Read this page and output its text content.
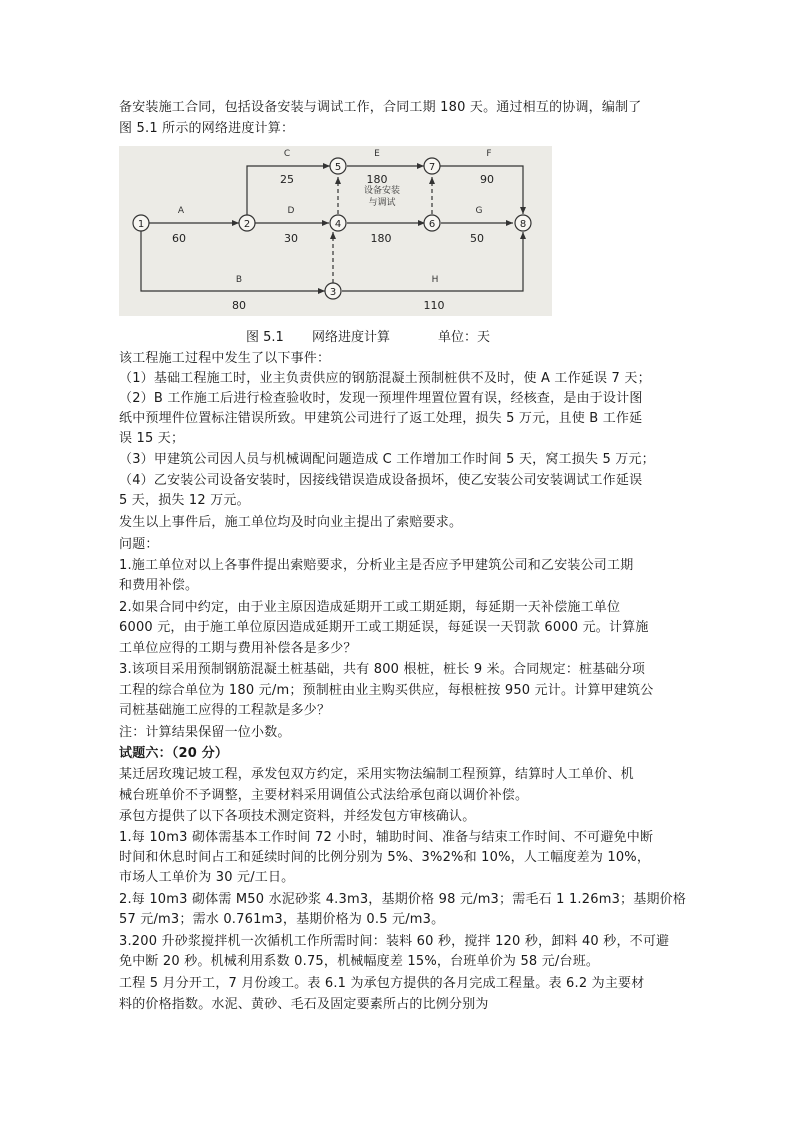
备安装施工合同，包括设备安装与调试工作，合同工期 180 天。通过相互的协调，编制了
图 5.1 所示的网络进度计算：
1	2
3
4
5
6
7
8
A
B
C
D
E	F
G
H
60
80
25
30
180	90
50
110
设备安装
与调试
180
图 5.1 网络进度计算	单位：天
该工程施工过程中发生了以下事件：
（1）基础工程施工时，业主负责供应的钢筋混凝土预制桩供不及时，使 A 工作延误 7 天；
（2）B 工作施工后进行检查验收时，发现一预埋件埋置位置有误，经核查，是由于设计图
纸中预埋件位置标注错误所致。甲建筑公司进行了返工处理，损失 5 万元，且使 B 工作延
误 15 天；
（3）甲建筑公司因人员与机械调配问题造成 C 工作增加工作时间 5 天，窝工损失 5 万元；
（4）乙安装公司设备安装时，因接线错误造成设备损坏，使乙安装公司安装调试工作延误
5 天，损失 12 万元。
发生以上事件后，施工单位均及时向业主提出了索赔要求。
问题：
1.施工单位对以上各事件提出索赔要求，分析业主是否应予甲建筑公司和乙安装公司工期
和费用补偿。
2.如果合同中约定，由于业主原因造成延期开工或工期延期，每延期一天补偿施工单位
6000 元，由于施工单位原因造成延期开工或工期延误，每延误一天罚款 6000 元。计算施
工单位应得的工期与费用补偿各是多少？
3.该项目采用预制钢筋混凝土桩基础，共有 800 根桩，桩长 9 米。合同规定：桩基础分项
工程的综合单位为 180 元/m；预制桩由业主购买供应，每根桩按 950 元计。计算甲建筑公
司桩基础施工应得的工程款是多少？
注：计算结果保留一位小数。
试题六：（20 分）
某迁居玫瑰记坡工程，承发包双方约定，采用实物法编制工程预算，结算时人工单价、机
械台班单价不予调整，主要材料采用调值公式法给承包商以调价补偿。
承包方提供了以下各项技术测定资料，并经发包方审核确认。
1.每 10m3 砌体需基本工作时间 72 小时，辅助时间、准备与结束工作时间、不可避免中断
时间和休息时间占工和延续时间的比例分别为 5%、3%2%和 10%，人工幅度差为 10%，
市场人工单价为 30 元/工日。
2.每 10m3 砌体需 M50 水泥砂浆 4.3m3，基期价格 98 元/m3；需毛石 1 1.26m3；基期价格
57 元/m3；需水 0.761m3，基期价格为 0.5 元/m3。
3.200 升砂浆搅拌机一次循机工作所需时间：装料 60 秒，搅拌 120 秒，卸料 40 秒，不可避
免中断 20 秒。机械利用系数 0.75，机械幅度差 15%，台班单价为 58 元/台班。
工程 5 月分开工，7 月份竣工。表 6.1 为承包方提供的各月完成工程量。表 6.2 为主要材
料的价格指数。水泥、黄砂、毛石及固定要素所占的比例分别为
